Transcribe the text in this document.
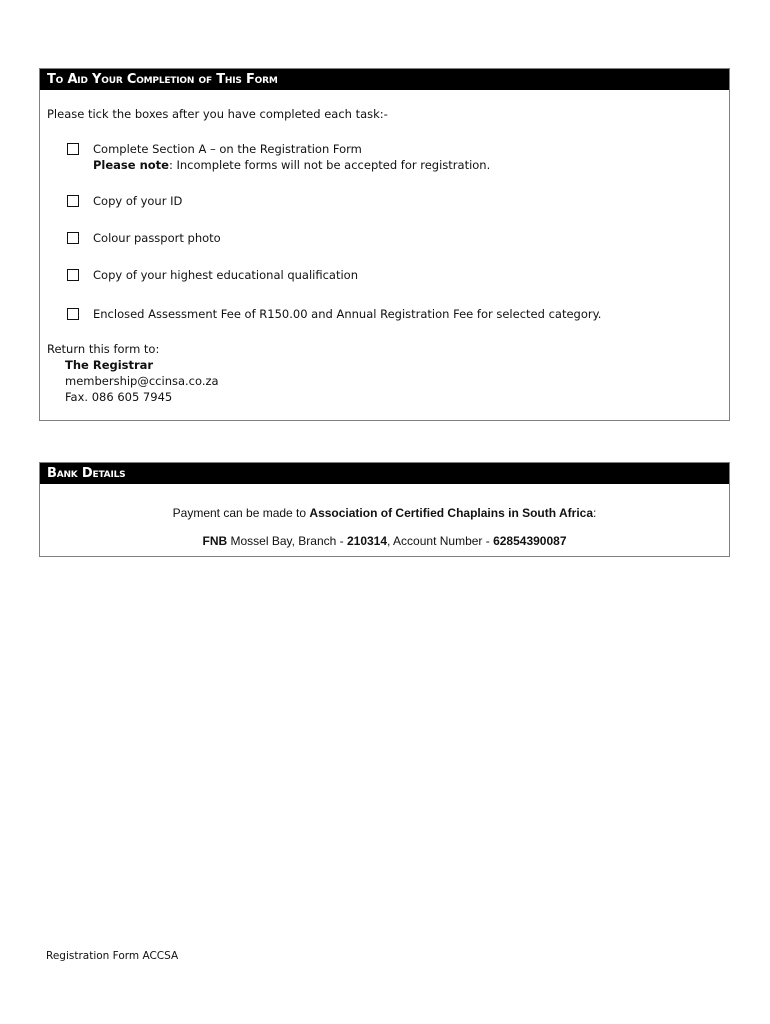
To Aid Your Completion of This Form
Please tick the boxes after you have completed each task:-
Complete Section A – on the Registration Form
Please note: Incomplete forms will not be accepted for registration.
Copy of your ID
Colour passport photo
Copy of your highest educational qualification
Enclosed Assessment Fee of R150.00 and Annual Registration Fee for selected category.
Return this form to:
The Registrar
membership@ccinsa.co.za
Fax. 086 605 7945
Bank Details
Payment can be made to Association of Certified Chaplains in South Africa:
FNB Mossel Bay, Branch - 210314, Account Number - 62854390087
Registration Form ACCSA
